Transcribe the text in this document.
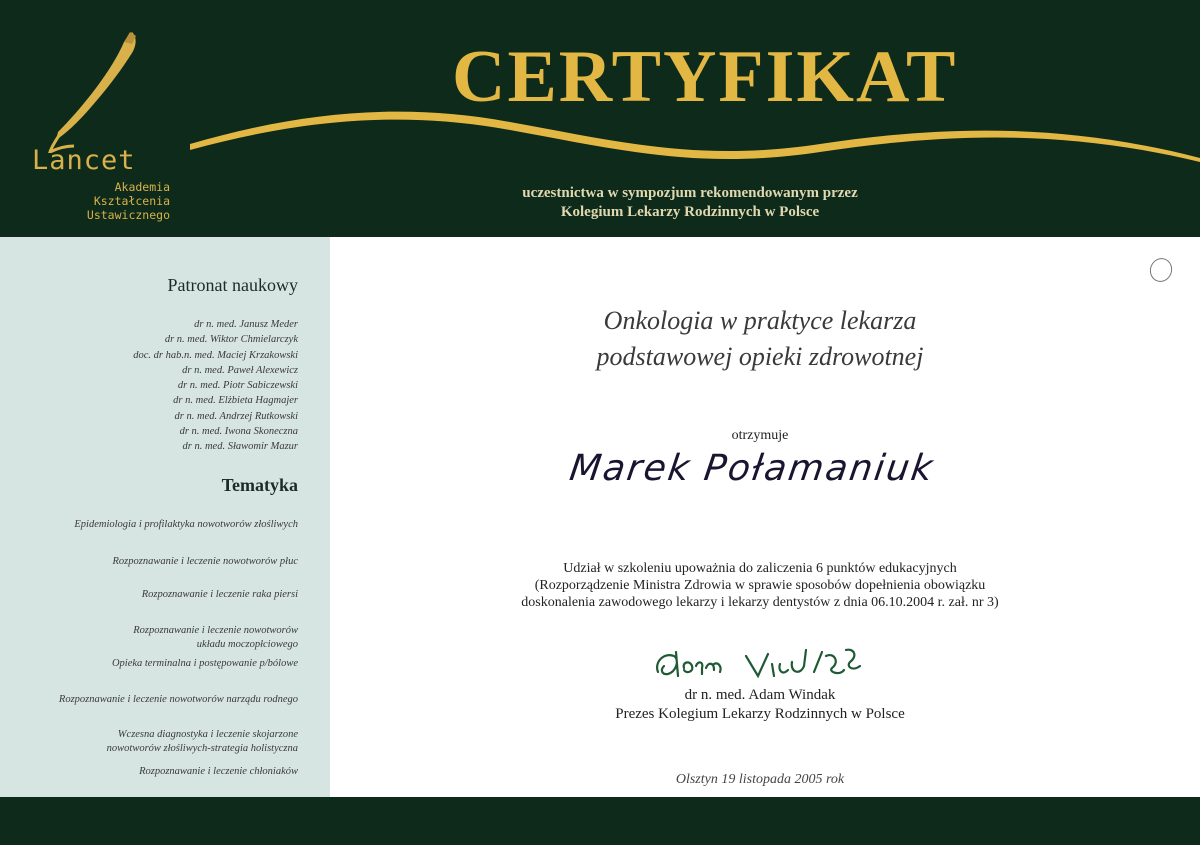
Lancet
Akademia
Kształcenia
Ustawicznego
CERTYFIKAT
uczestnictwa w sympozjum rekomendowanym przez
Kolegium Lekarzy Rodzinnych w Polsce
Patronat naukowy
dr n. med. Janusz Meder
dr n. med. Wiktor Chmielarczyk
doc. dr hab.n. med. Maciej Krzakowski
dr n. med. Paweł Alexewicz
dr n. med. Piotr Sabiczewski
dr n. med. Elżbieta Hagmajer
dr n. med. Andrzej Rutkowski
dr n. med. Iwona Skoneczna
dr n. med. Sławomir Mazur
Tematyka
Epidemiologia i profilaktyka nowotworów złośliwych
Rozpoznawanie i leczenie nowotworów płuc
Rozpoznawanie i leczenie raka piersi
Rozpoznawanie i leczenie nowotworów
układu moczopłciowego
Opieka terminalna i postępowanie p/bólowe
Rozpoznawanie i leczenie nowotworów narządu rodnego
Wczesna diagnostyka i leczenie skojarzone
nowotworów złośliwych-strategia holistyczna
Rozpoznawanie i leczenie chłoniaków
Onkologia w praktyce lekarza
podstawowej opieki zdrowotnej
otrzymuje
Marek Połamaniuk
Udział w szkoleniu upoważnia do zaliczenia 6 punktów edukacyjnych
(Rozporządzenie Ministra Zdrowia w sprawie sposobów dopełnienia obowiązku
doskonalenia zawodowego lekarzy i lekarzy dentystów z dnia 06.10.2004 r. zał. nr 3)
dr n. med. Adam Windak
Prezes Kolegium Lekarzy Rodzinnych w Polsce
Olsztyn 19 listopada 2005 rok
